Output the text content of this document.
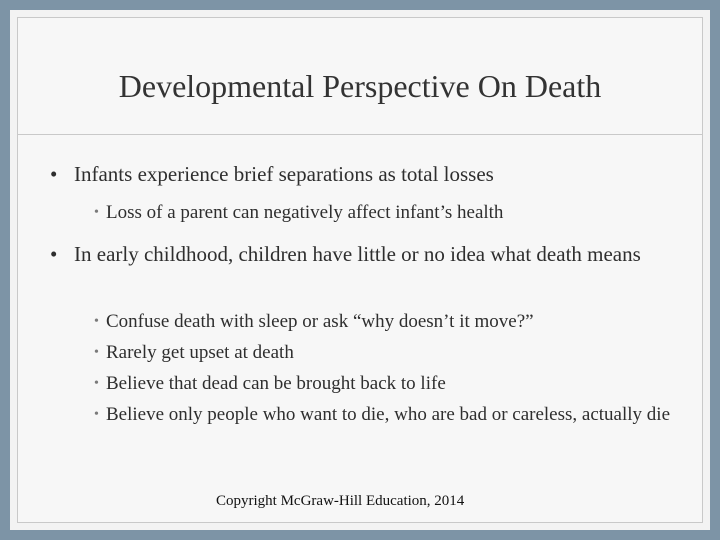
Developmental Perspective On Death
• Infants experience brief separations as total losses
• Loss of a parent can negatively affect infant’s health
• In early childhood, children have little or no idea what death means
• Confuse death with sleep or ask “why doesn’t it move?”
• Rarely get upset at death
• Believe that dead can be brought back to life
• Believe only people who want to die, who are bad or careless, actually die
Copyright McGraw-Hill Education, 2014
